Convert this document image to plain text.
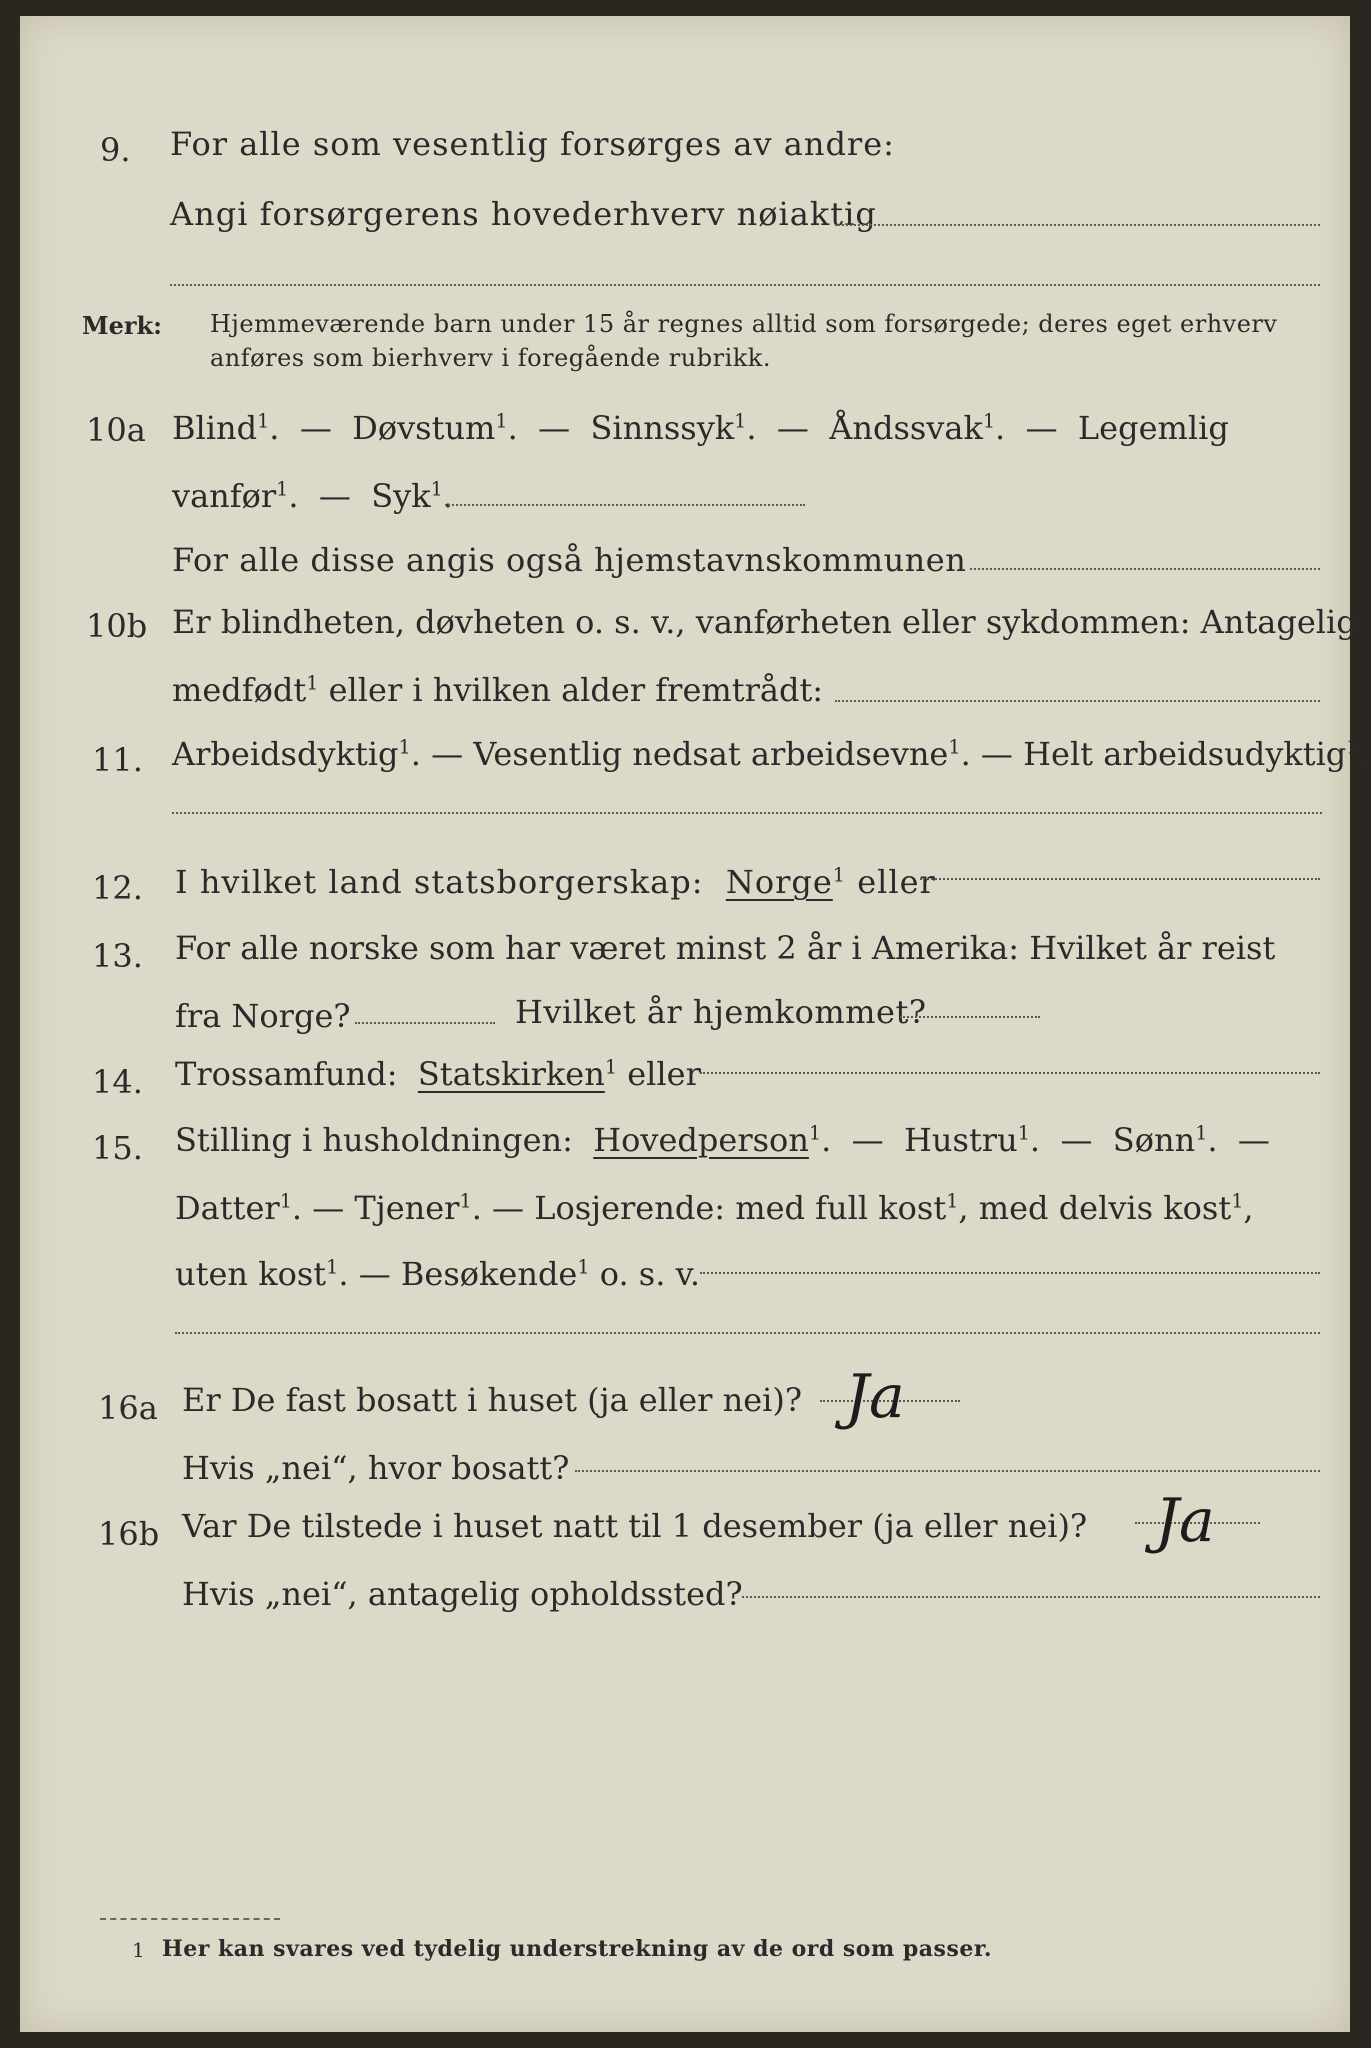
9. For alle som vesentlig forsørges av andre:
Angi forsørgerens hovederhverv nøiaktig
Merk: Hjemmeværende barn under 15 år regnes alltid som forsørgede; deres eget erhverv
anføres som bierhverv i foregående rubrikk.
10a Blind$^1$.  —  Døvstum$^1$.  —  Sinnssyk$^1$.  —  Åndssvak$^1$.  —  Legemlig
vanfør$^1$.  —  Syk$^1$.
For alle disse angis også hjemstavnskommunen
10b Er blindheten, døvheten o. s. v., vanførheten eller sykdommen: Antagelig
medfødt$^1$ eller i hvilken alder fremtrådt:
11. Arbeidsdyktig$^1$. — Vesentlig nedsat arbeidsevne$^1$. — Helt arbeidsudyktig$^1$.
12. I hvilket land statsborgerskap: Norge$^1$ eller
13. For alle norske som har været minst 2 år i Amerika: Hvilket år reist
fra Norge?	Hvilket år hjemkommet?
14. Trossamfund: Statskirken$^1$ eller
15. Stilling i husholdningen: Hovedperson$^1$.  —  Hustru$^1$.  —  Sønn$^1$.  —
Datter$^1$. — Tjener$^1$. — Losjerende: med full kost$^1$, med delvis kost$^1$,
uten kost$^1$. — Besøkende$^1$ o. s. v.
16a Er De fast bosatt i huset (ja eller nei)? Ja
Hvis „nei“, hvor bosatt?
16b Var De tilstede i huset natt til 1 desember (ja eller nei)? Ja
Hvis „nei“, antagelig opholdssted?
1 Her kan svares ved tydelig understrekning av de ord som passer.
